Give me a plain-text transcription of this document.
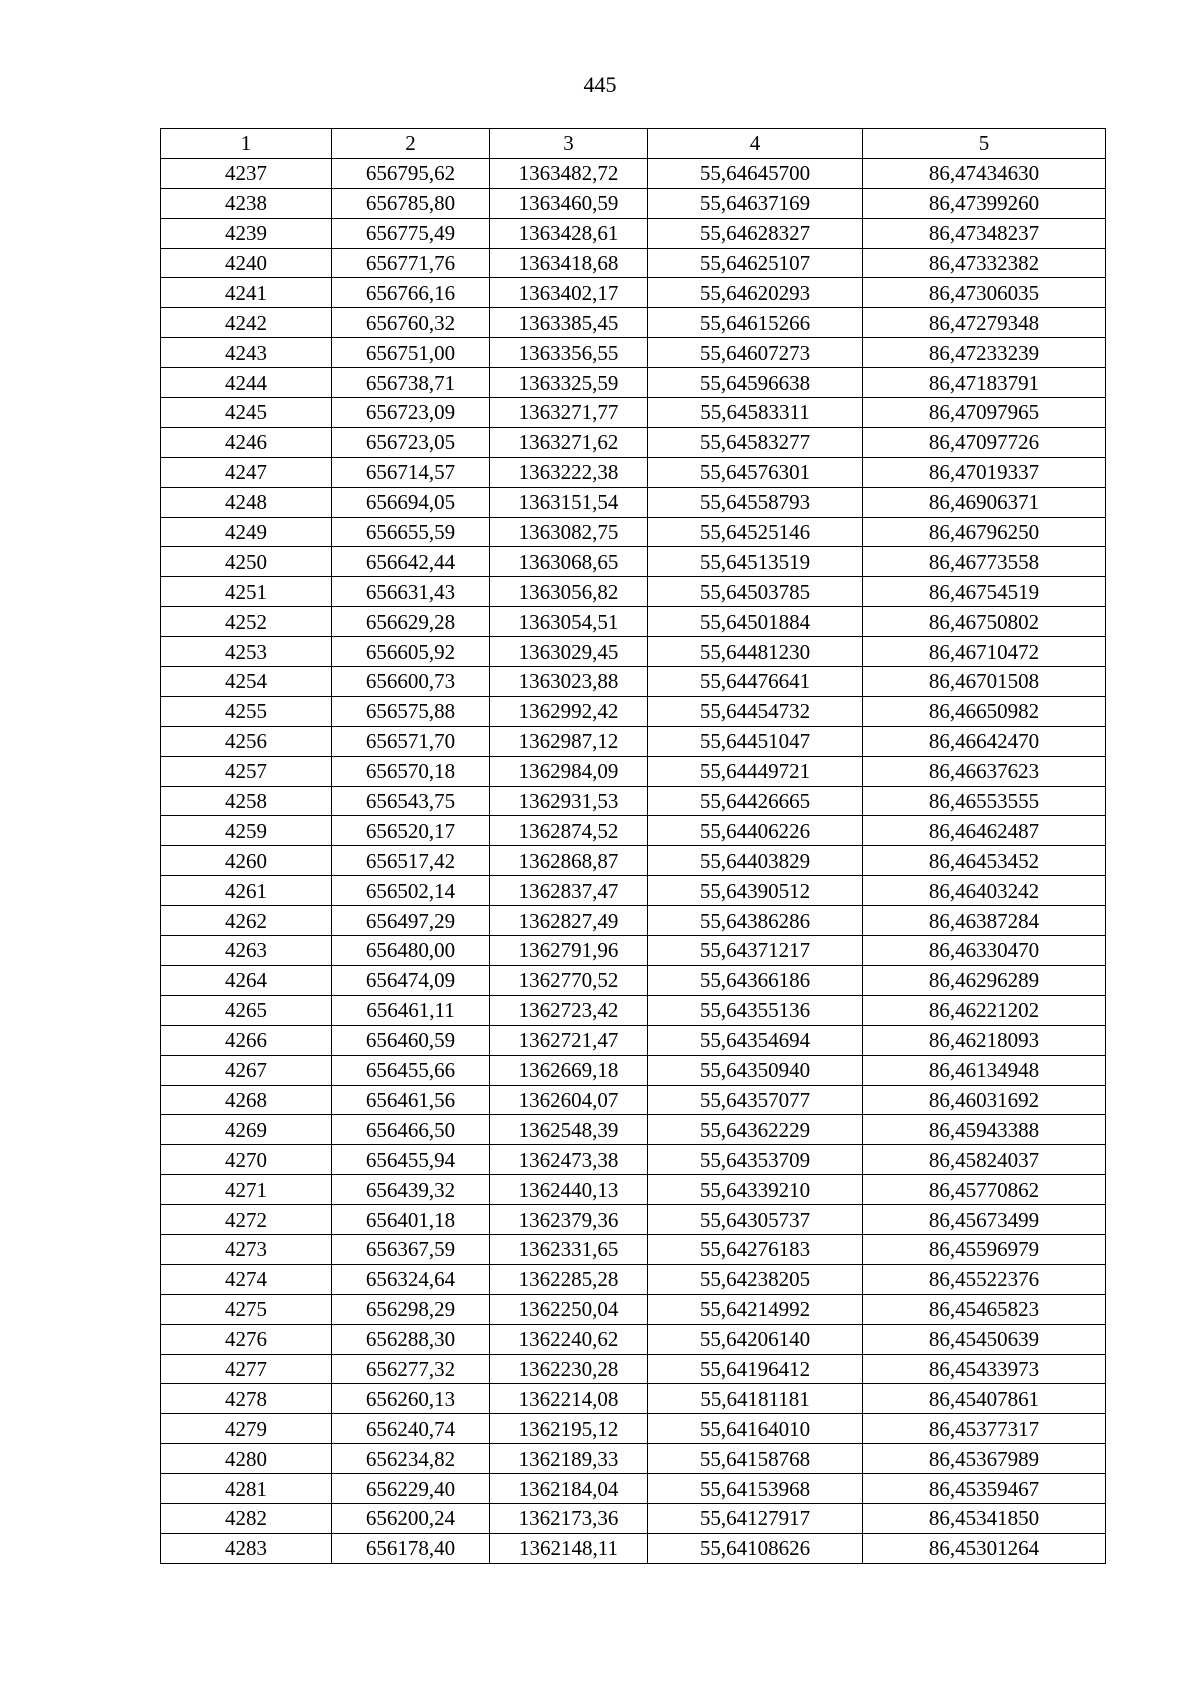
445
1	2	3	4	5
4237	656795,62	1363482,72	55,64645700	86,47434630
4238	656785,80	1363460,59	55,64637169	86,47399260
4239	656775,49	1363428,61	55,64628327	86,47348237
4240	656771,76	1363418,68	55,64625107	86,47332382
4241	656766,16	1363402,17	55,64620293	86,47306035
4242	656760,32	1363385,45	55,64615266	86,47279348
4243	656751,00	1363356,55	55,64607273	86,47233239
4244	656738,71	1363325,59	55,64596638	86,47183791
4245	656723,09	1363271,77	55,64583311	86,47097965
4246	656723,05	1363271,62	55,64583277	86,47097726
4247	656714,57	1363222,38	55,64576301	86,47019337
4248	656694,05	1363151,54	55,64558793	86,46906371
4249	656655,59	1363082,75	55,64525146	86,46796250
4250	656642,44	1363068,65	55,64513519	86,46773558
4251	656631,43	1363056,82	55,64503785	86,46754519
4252	656629,28	1363054,51	55,64501884	86,46750802
4253	656605,92	1363029,45	55,64481230	86,46710472
4254	656600,73	1363023,88	55,64476641	86,46701508
4255	656575,88	1362992,42	55,64454732	86,46650982
4256	656571,70	1362987,12	55,64451047	86,46642470
4257	656570,18	1362984,09	55,64449721	86,46637623
4258	656543,75	1362931,53	55,64426665	86,46553555
4259	656520,17	1362874,52	55,64406226	86,46462487
4260	656517,42	1362868,87	55,64403829	86,46453452
4261	656502,14	1362837,47	55,64390512	86,46403242
4262	656497,29	1362827,49	55,64386286	86,46387284
4263	656480,00	1362791,96	55,64371217	86,46330470
4264	656474,09	1362770,52	55,64366186	86,46296289
4265	656461,11	1362723,42	55,64355136	86,46221202
4266	656460,59	1362721,47	55,64354694	86,46218093
4267	656455,66	1362669,18	55,64350940	86,46134948
4268	656461,56	1362604,07	55,64357077	86,46031692
4269	656466,50	1362548,39	55,64362229	86,45943388
4270	656455,94	1362473,38	55,64353709	86,45824037
4271	656439,32	1362440,13	55,64339210	86,45770862
4272	656401,18	1362379,36	55,64305737	86,45673499
4273	656367,59	1362331,65	55,64276183	86,45596979
4274	656324,64	1362285,28	55,64238205	86,45522376
4275	656298,29	1362250,04	55,64214992	86,45465823
4276	656288,30	1362240,62	55,64206140	86,45450639
4277	656277,32	1362230,28	55,64196412	86,45433973
4278	656260,13	1362214,08	55,64181181	86,45407861
4279	656240,74	1362195,12	55,64164010	86,45377317
4280	656234,82	1362189,33	55,64158768	86,45367989
4281	656229,40	1362184,04	55,64153968	86,45359467
4282	656200,24	1362173,36	55,64127917	86,45341850
4283	656178,40	1362148,11	55,64108626	86,45301264
